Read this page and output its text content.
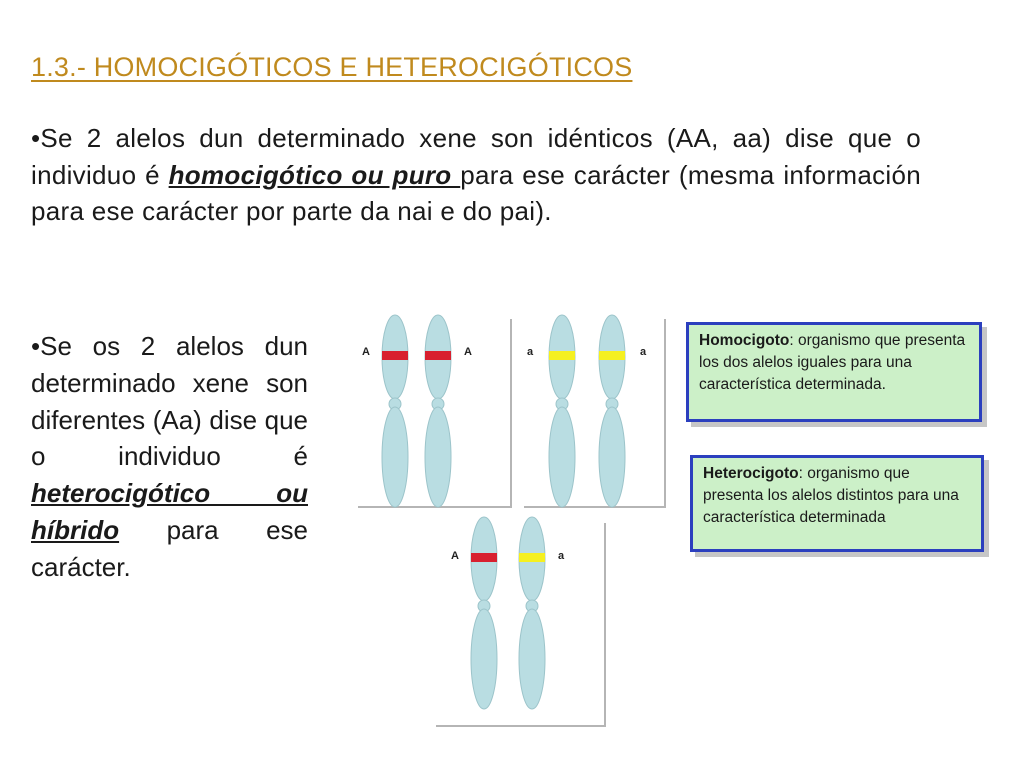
1.3.- HOMOCIGÓTICOS E HETEROCIGÓTICOS
•Se 2 alelos dun determinado xene son idénticos (AA, aa) dise que o individuo é homocigótico ou puro para ese carácter (mesma información para ese carácter por parte da nai e do pai).
•Se os 2 alelos dun determinado xene son diferentes (Aa) dise que o individuo é heterocigótico ou híbrido para ese carácter.
A	A	a	a
A	a
Homocigoto: organismo que presenta los dos alelos iguales para una característica determinada.
Heterocigoto: organismo que presenta los alelos distintos para una característica determinada
